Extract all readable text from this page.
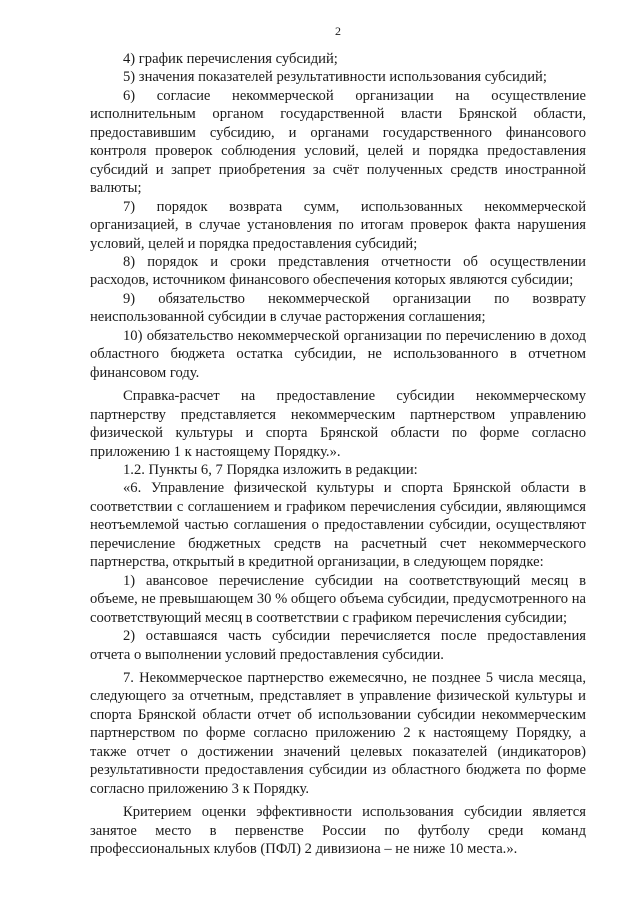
2

4) график перечисления субсидий;

5) значения показателей результативности использования субсидий;

6) согласие некоммерческой организации на осуществление исполнительным органом государственной власти Брянской области, предоставившим субсидию, и органами государственного финансового контроля проверок соблюдения условий, целей и порядка предоставления субсидий и запрет приобретения за счёт полученных средств иностранной валюты;

7) порядок возврата сумм, использованных некоммерческой организацией, в случае установления по итогам проверок факта нарушения условий, целей и порядка предоставления субсидий;

8) порядок и сроки представления отчетности об осуществлении расходов, источником финансового обеспечения которых являются субсидии;

9) обязательство некоммерческой организации по возврату неиспользованной субсидии в случае расторжения соглашения;

10) обязательство некоммерческой организации по перечислению в доход областного бюджета остатка субсидии, не использованного в отчетном финансовом году.

Справка-расчет на предоставление субсидии некоммерческому партнерству представляется некоммерческим партнерством управлению физической культуры и спорта Брянской области по форме согласно приложению 1 к настоящему Порядку.».

1.2. Пункты 6, 7 Порядка изложить в редакции:

«6. Управление физической культуры и спорта Брянской области в соответствии с соглашением и графиком перечисления субсидии, являющимся неотъемлемой частью соглашения о предоставлении субсидии, осуществляют перечисление бюджетных средств на расчетный счет некоммерческого партнерства, открытый в кредитной организации, в следующем порядке:

1) авансовое перечисление субсидии на соответствующий месяц в объеме, не превышающем 30 % общего объема субсидии, предусмотренного на соответствующий месяц в соответствии с графиком перечисления субсидии;

2) оставшаяся часть субсидии перечисляется после предоставления отчета о выполнении условий предоставления субсидии.

7. Некоммерческое партнерство ежемесячно, не позднее 5 числа месяца, следующего за отчетным, представляет в управление физической культуры и спорта Брянской области отчет об использовании субсидии некоммерческим партнерством по форме согласно приложению 2 к настоящему Порядку, а также отчет о достижении значений целевых показателей (индикаторов) результативности предоставления субсидии из областного бюджета по форме согласно приложению 3 к Порядку.

Критерием оценки эффективности использования субсидии является занятое место в первенстве России по футболу среди команд профессиональных клубов (ПФЛ) 2 дивизиона – не ниже 10 места.».
